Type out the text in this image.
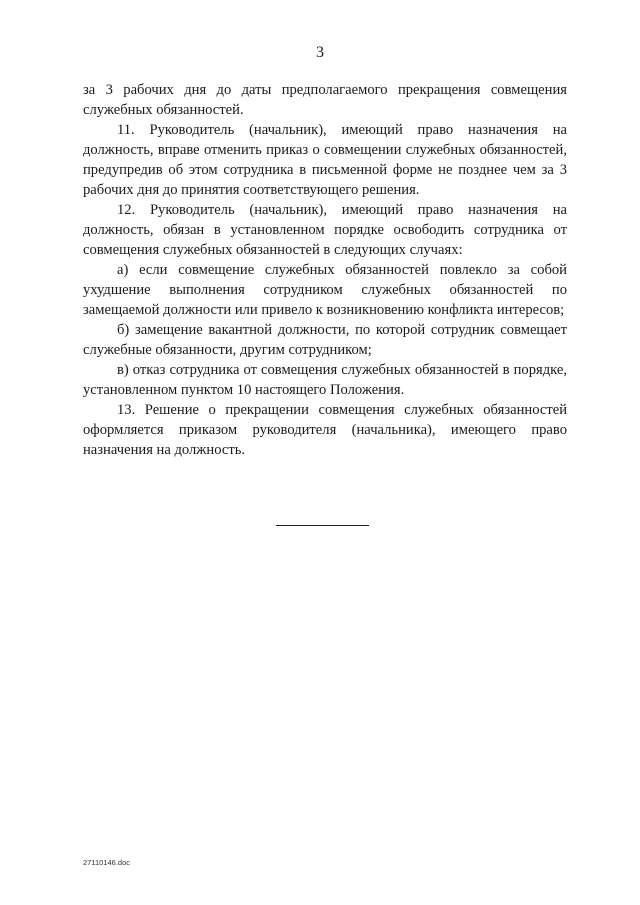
3

за 3 рабочих дня до даты предполагаемого прекращения совмещения служебных обязанностей.

11. Руководитель (начальник), имеющий право назначения на должность, вправе отменить приказ о совмещении служебных обязанностей, предупредив об этом сотрудника в письменной форме не позднее чем за 3 рабочих дня до принятия соответствующего решения.

12. Руководитель (начальник), имеющий право назначения на должность, обязан в установленном порядке освободить сотрудника от совмещения служебных обязанностей в следующих случаях:

а) если совмещение служебных обязанностей повлекло за собой ухудшение выполнения сотрудником служебных обязанностей по замещаемой должности или привело к возникновению конфликта интересов;

б) замещение вакантной должности, по которой сотрудник совмещает служебные обязанности, другим сотрудником;

в) отказ сотрудника от совмещения служебных обязанностей в порядке, установленном пунктом 10 настоящего Положения.

13. Решение о прекращении совмещения служебных обязанностей оформляется приказом руководителя (начальника), имеющего право назначения на должность.

27110146.doc
